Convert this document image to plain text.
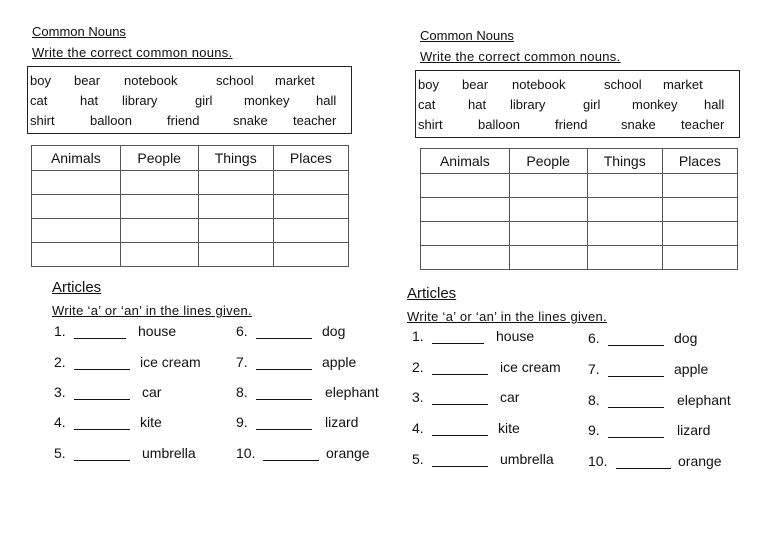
Common Nouns
Write the correct common nouns.
boy bear notebook	school market
cat	hat library	girl monkey hall
shirt	balloon	friend	snake teacher
Animals	People	Things	Places

Articles
Write ‘a’ or ‘an’ in the lines given.
1.	house
2.	ice cream
3.	car
4.	kite
5.	umbrella
6.	dog
7.	apple
8.	elephant
9.	lizard
10.	orange
Common Nouns
Write the correct common nouns.
boy bear notebook	school market
cat	hat library	girl monkey hall
shirt	balloon	friend	snake teacher
Animals	People	Things	Places

Articles
Write ‘a’ or ‘an’ in the lines given.
1.	house
2.	ice cream
3.	car
4.	kite
5.	umbrella
6.	dog
7.	apple
8.	elephant
9.	lizard
10.	orange
